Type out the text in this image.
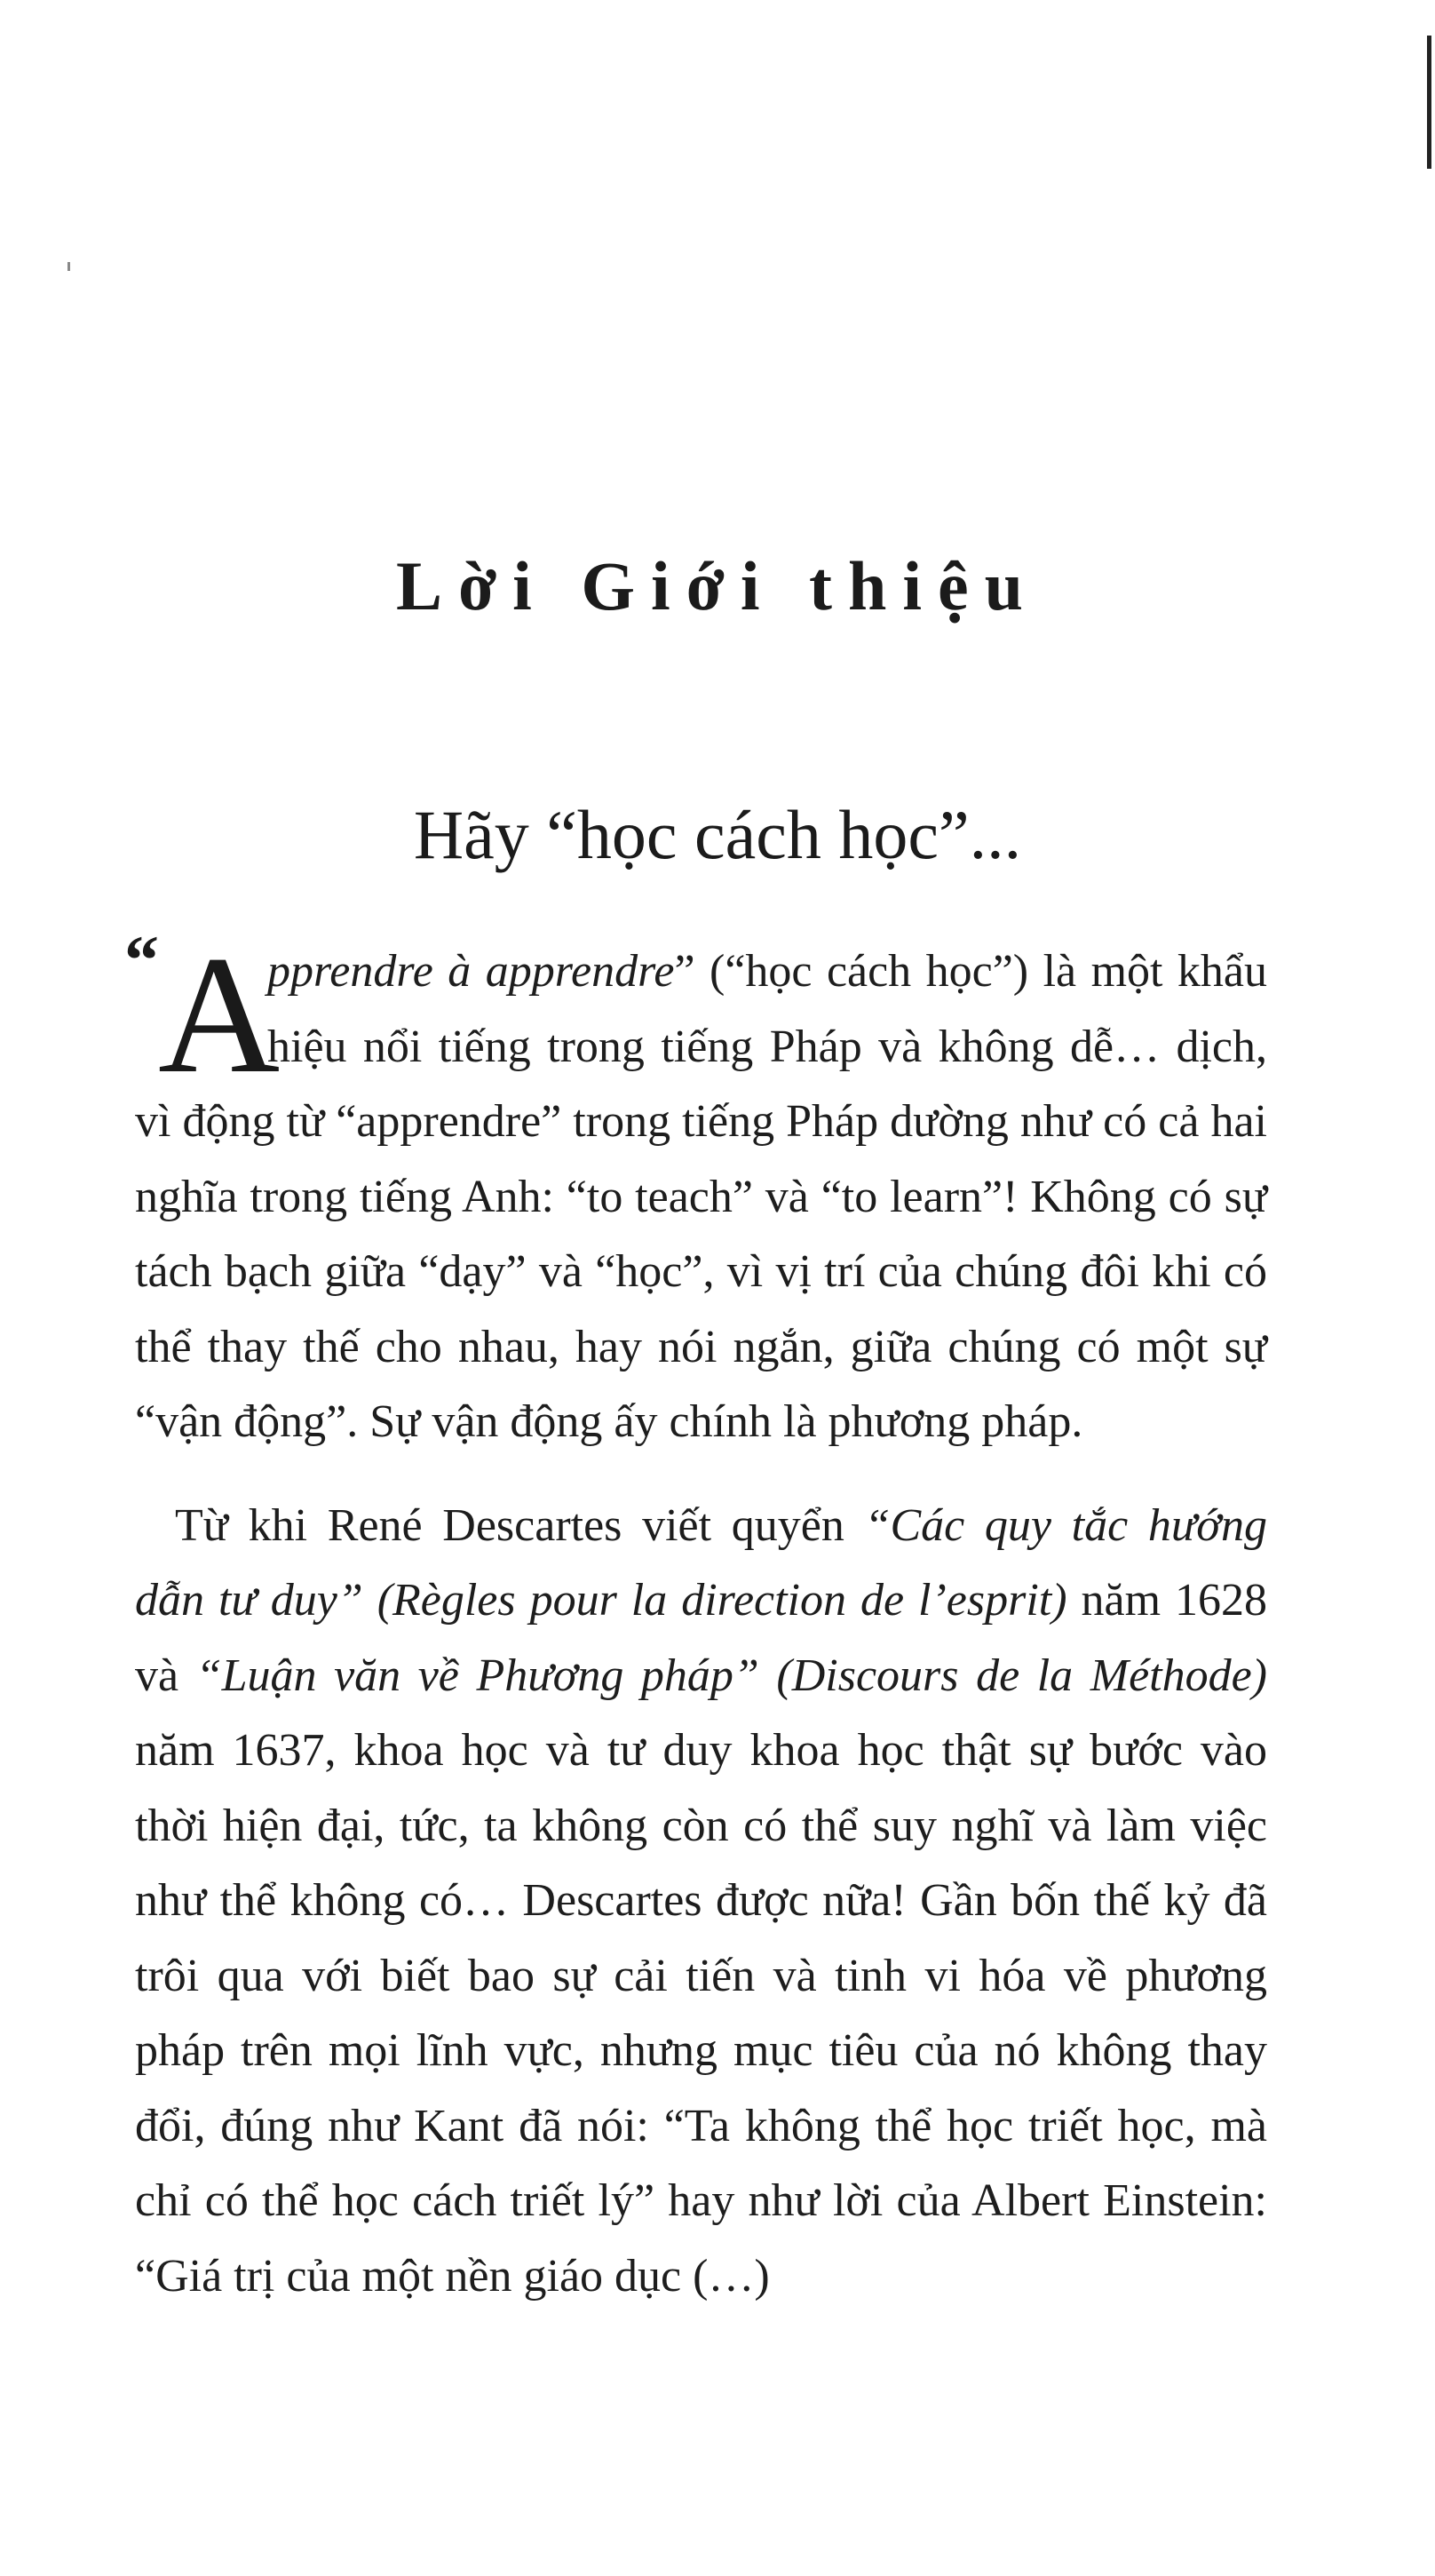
Lời Giới thiệu
Hãy “học cách học”...

“ A
pprendre à apprendre” (“học cách học”) là một khẩu hiệu nổi tiếng trong tiếng Pháp và không dễ… dịch, vì động từ “apprendre” trong tiếng Pháp dường như có cả hai nghĩa trong tiếng Anh: “to teach” và “to learn”! Không có sự tách bạch giữa “dạy” và “học”, vì vị trí của chúng đôi khi có thể thay thế cho nhau, hay nói ngắn, giữa chúng có một sự “vận động”. Sự vận động ấy chính là phương pháp.

Từ khi René Descartes viết quyển “Các quy tắc hướng dẫn tư duy” (Règles pour la direction de l’esprit) năm 1628 và “Luận văn về Phương pháp” (Discours de la Méthode) năm 1637, khoa học và tư duy khoa học thật sự bước vào thời hiện đại, tức, ta không còn có thể suy nghĩ và làm việc như thể không có… Descartes được nữa! Gần bốn thế kỷ đã trôi qua với biết bao sự cải tiến và tinh vi hóa về phương pháp trên mọi lĩnh vực, nhưng mục tiêu của nó không thay đổi, đúng như Kant đã nói: “Ta không thể học triết học, mà chỉ có thể học cách triết lý” hay như lời của Albert Einstein: “Giá trị của một nền giáo dục (…)
